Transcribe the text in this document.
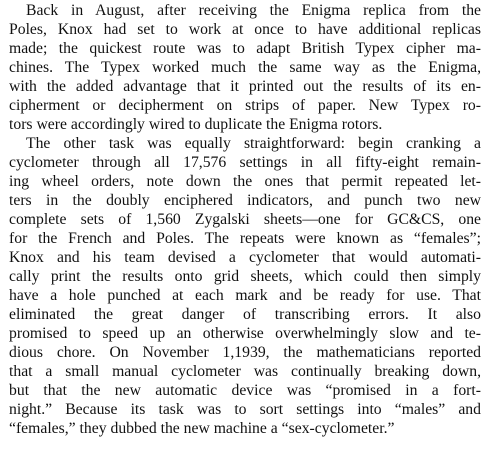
Back in August, after receiving the Enigma replica from the
Poles, Knox had set to work at once to have additional replicas
made; the quickest route was to adapt British Typex cipher ma-
chines. The Typex worked much the same way as the Enigma,
with the added advantage that it printed out the results of its en-
cipherment or decipherment on strips of paper. New Typex ro-
tors were accordingly wired to duplicate the Enigma rotors.
The other task was equally straightforward: begin cranking a
cyclometer through all 17,576 settings in all fifty-eight remain-
ing wheel orders, note down the ones that permit repeated let-
ters in the doubly enciphered indicators, and punch two new
complete sets of 1,560 Zygalski sheets—one for GC&CS, one
for the French and Poles. The repeats were known as “females”;
Knox and his team devised a cyclometer that would automati-
cally print the results onto grid sheets, which could then simply
have a hole punched at each mark and be ready for use. That
eliminated the great danger of transcribing errors. It also
promised to speed up an otherwise overwhelmingly slow and te-
dious chore. On November 1,1939, the mathematicians reported
that a small manual cyclometer was continually breaking down,
but that the new automatic device was “promised in a fort-
night.” Because its task was to sort settings into “males” and
“females,” they dubbed the new machine a “sex-cyclometer.”
